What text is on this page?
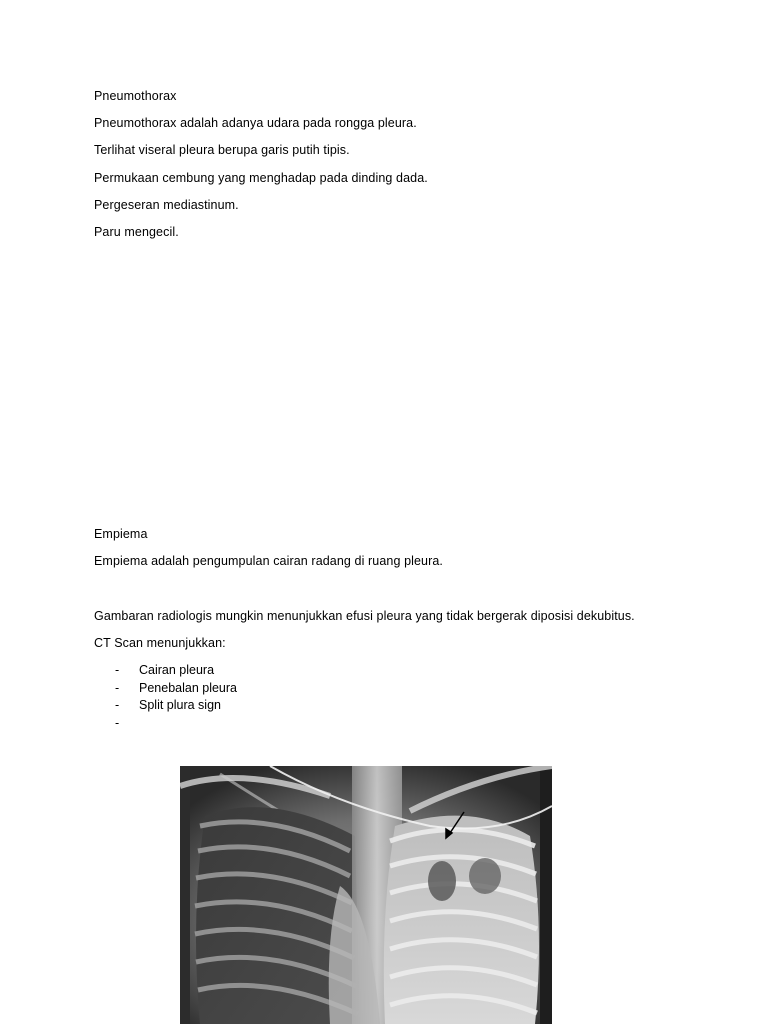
Pneumothorax
Pneumothorax adalah adanya udara pada rongga pleura.
Terlihat viseral pleura berupa garis putih tipis.
Permukaan cembung yang menghadap pada dinding dada.
Pergeseran mediastinum.
Paru mengecil.
Empiema
Empiema adalah pengumpulan cairan radang di ruang pleura.
Gambaran radiologis mungkin menunjukkan efusi pleura yang tidak bergerak diposisi dekubitus.
CT Scan menunjukkan:
- Cairan pleura
- Penebalan pleura
- Split plura sign
-
